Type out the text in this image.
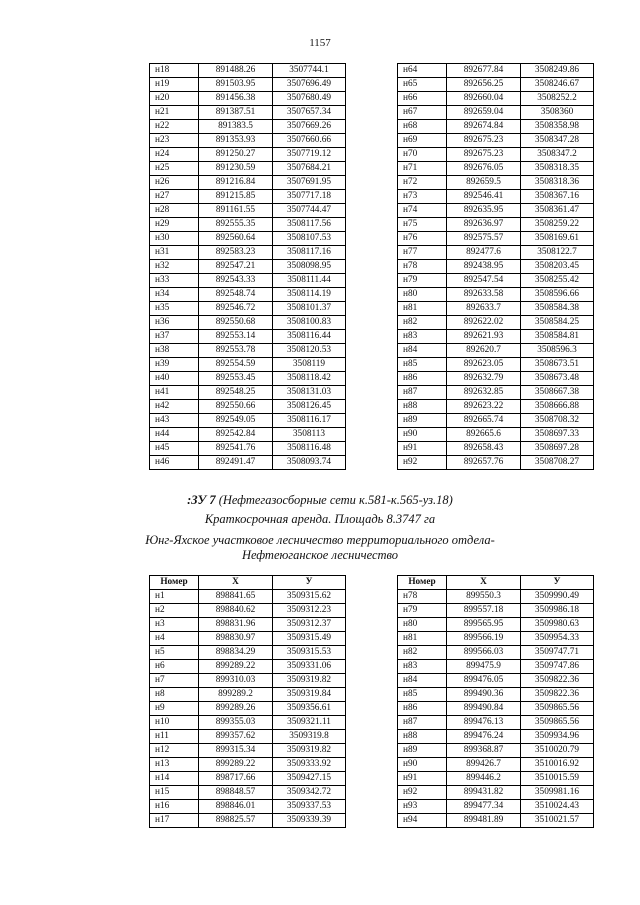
1157
н18	891488.26	3507744.1
н19	891503.95	3507696.49
н20	891456.38	3507680.49
н21	891387.51	3507657.34
н22	891383.5	3507669.26
н23	891353.93	3507660.66
н24	891250.27	3507719.12
н25	891230.59	3507684.21
н26	891216.84	3507691.95
н27	891215.85	3507717.18
н28	891161.55	3507744.47
н29	892555.35	3508117.56
н30	892560.64	3508107.53
н31	892583.23	3508117.16
н32	892547.21	3508098.95
н33	892543.33	3508111.44
н34	892548.74	3508114.19
н35	892546.72	3508101.37
н36	892550.68	3508100.83
н37	892553.14	3508116.44
н38	892553.78	3508120.53
н39	892554.59	3508119
н40	892553.45	3508118.42
н41	892548.25	3508131.03
н42	892550.66	3508126.45
н43	892549.05	3508116.17
н44	892542.84	3508113
н45	892541.76	3508116.48
н46	892491.47	3508093.74
н64	892677.84	3508249.86
н65	892656.25	3508246.67
н66	892660.04	3508252.2
н67	892659.04	3508360
н68	892674.84	3508358.98
н69	892675.23	3508347.28
н70	892675.23	3508347.2
н71	892676.05	3508318.35
н72	892659.5	3508318.36
н73	892546.41	3508367.16
н74	892635.95	3508361.47
н75	892636.97	3508259.22
н76	892575.57	3508169.61
н77	892477.6	3508122.7
н78	892438.95	3508203.45
н79	892547.54	3508255.42
н80	892633.58	3508596.66
н81	892633.7	3508584.38
н82	892622.02	3508584.25
н83	892621.93	3508584.81
н84	892620.7	3508596.3
н85	892623.05	3508673.51
н86	892632.79	3508673.48
н87	892632.85	3508667.38
н88	892623.22	3508666.88
н89	892665.74	3508708.32
н90	892665.6	3508697.33
н91	892658.43	3508697.28
н92	892657.76	3508708.27
:ЗУ 7 (Нефтегазосборные сети к.581-к.565-уз.18)
Краткосрочная аренда. Площадь 8.3747 га
Юнг-Яхское участковое лесничество территориального отдела-
Нефтеюганское лесничество
Номер	Х	У
н1	898841.65	3509315.62
н2	898840.62	3509312.23
н3	898831.96	3509312.37
н4	898830.97	3509315.49
н5	898834.29	3509315.53
н6	899289.22	3509331.06
н7	899310.03	3509319.82
н8	899289.2	3509319.84
н9	899289.26	3509356.61
н10	899355.03	3509321.11
н11	899357.62	3509319.8
н12	899315.34	3509319.82
н13	899289.22	3509333.92
н14	898717.66	3509427.15
н15	898848.57	3509342.72
н16	898846.01	3509337.53
н17	898825.57	3509339.39
Номер	Х	У
н78	899550.3	3509990.49
н79	899557.18	3509986.18
н80	899565.95	3509980.63
н81	899566.19	3509954.33
н82	899566.03	3509747.71
н83	899475.9	3509747.86
н84	899476.05	3509822.36
н85	899490.36	3509822.36
н86	899490.84	3509865.56
н87	899476.13	3509865.56
н88	899476.24	3509934.96
н89	899368.87	3510020.79
н90	899426.7	3510016.92
н91	899446.2	3510015.59
н92	899431.82	3509981.16
н93	899477.34	3510024.43
н94	899481.89	3510021.57
